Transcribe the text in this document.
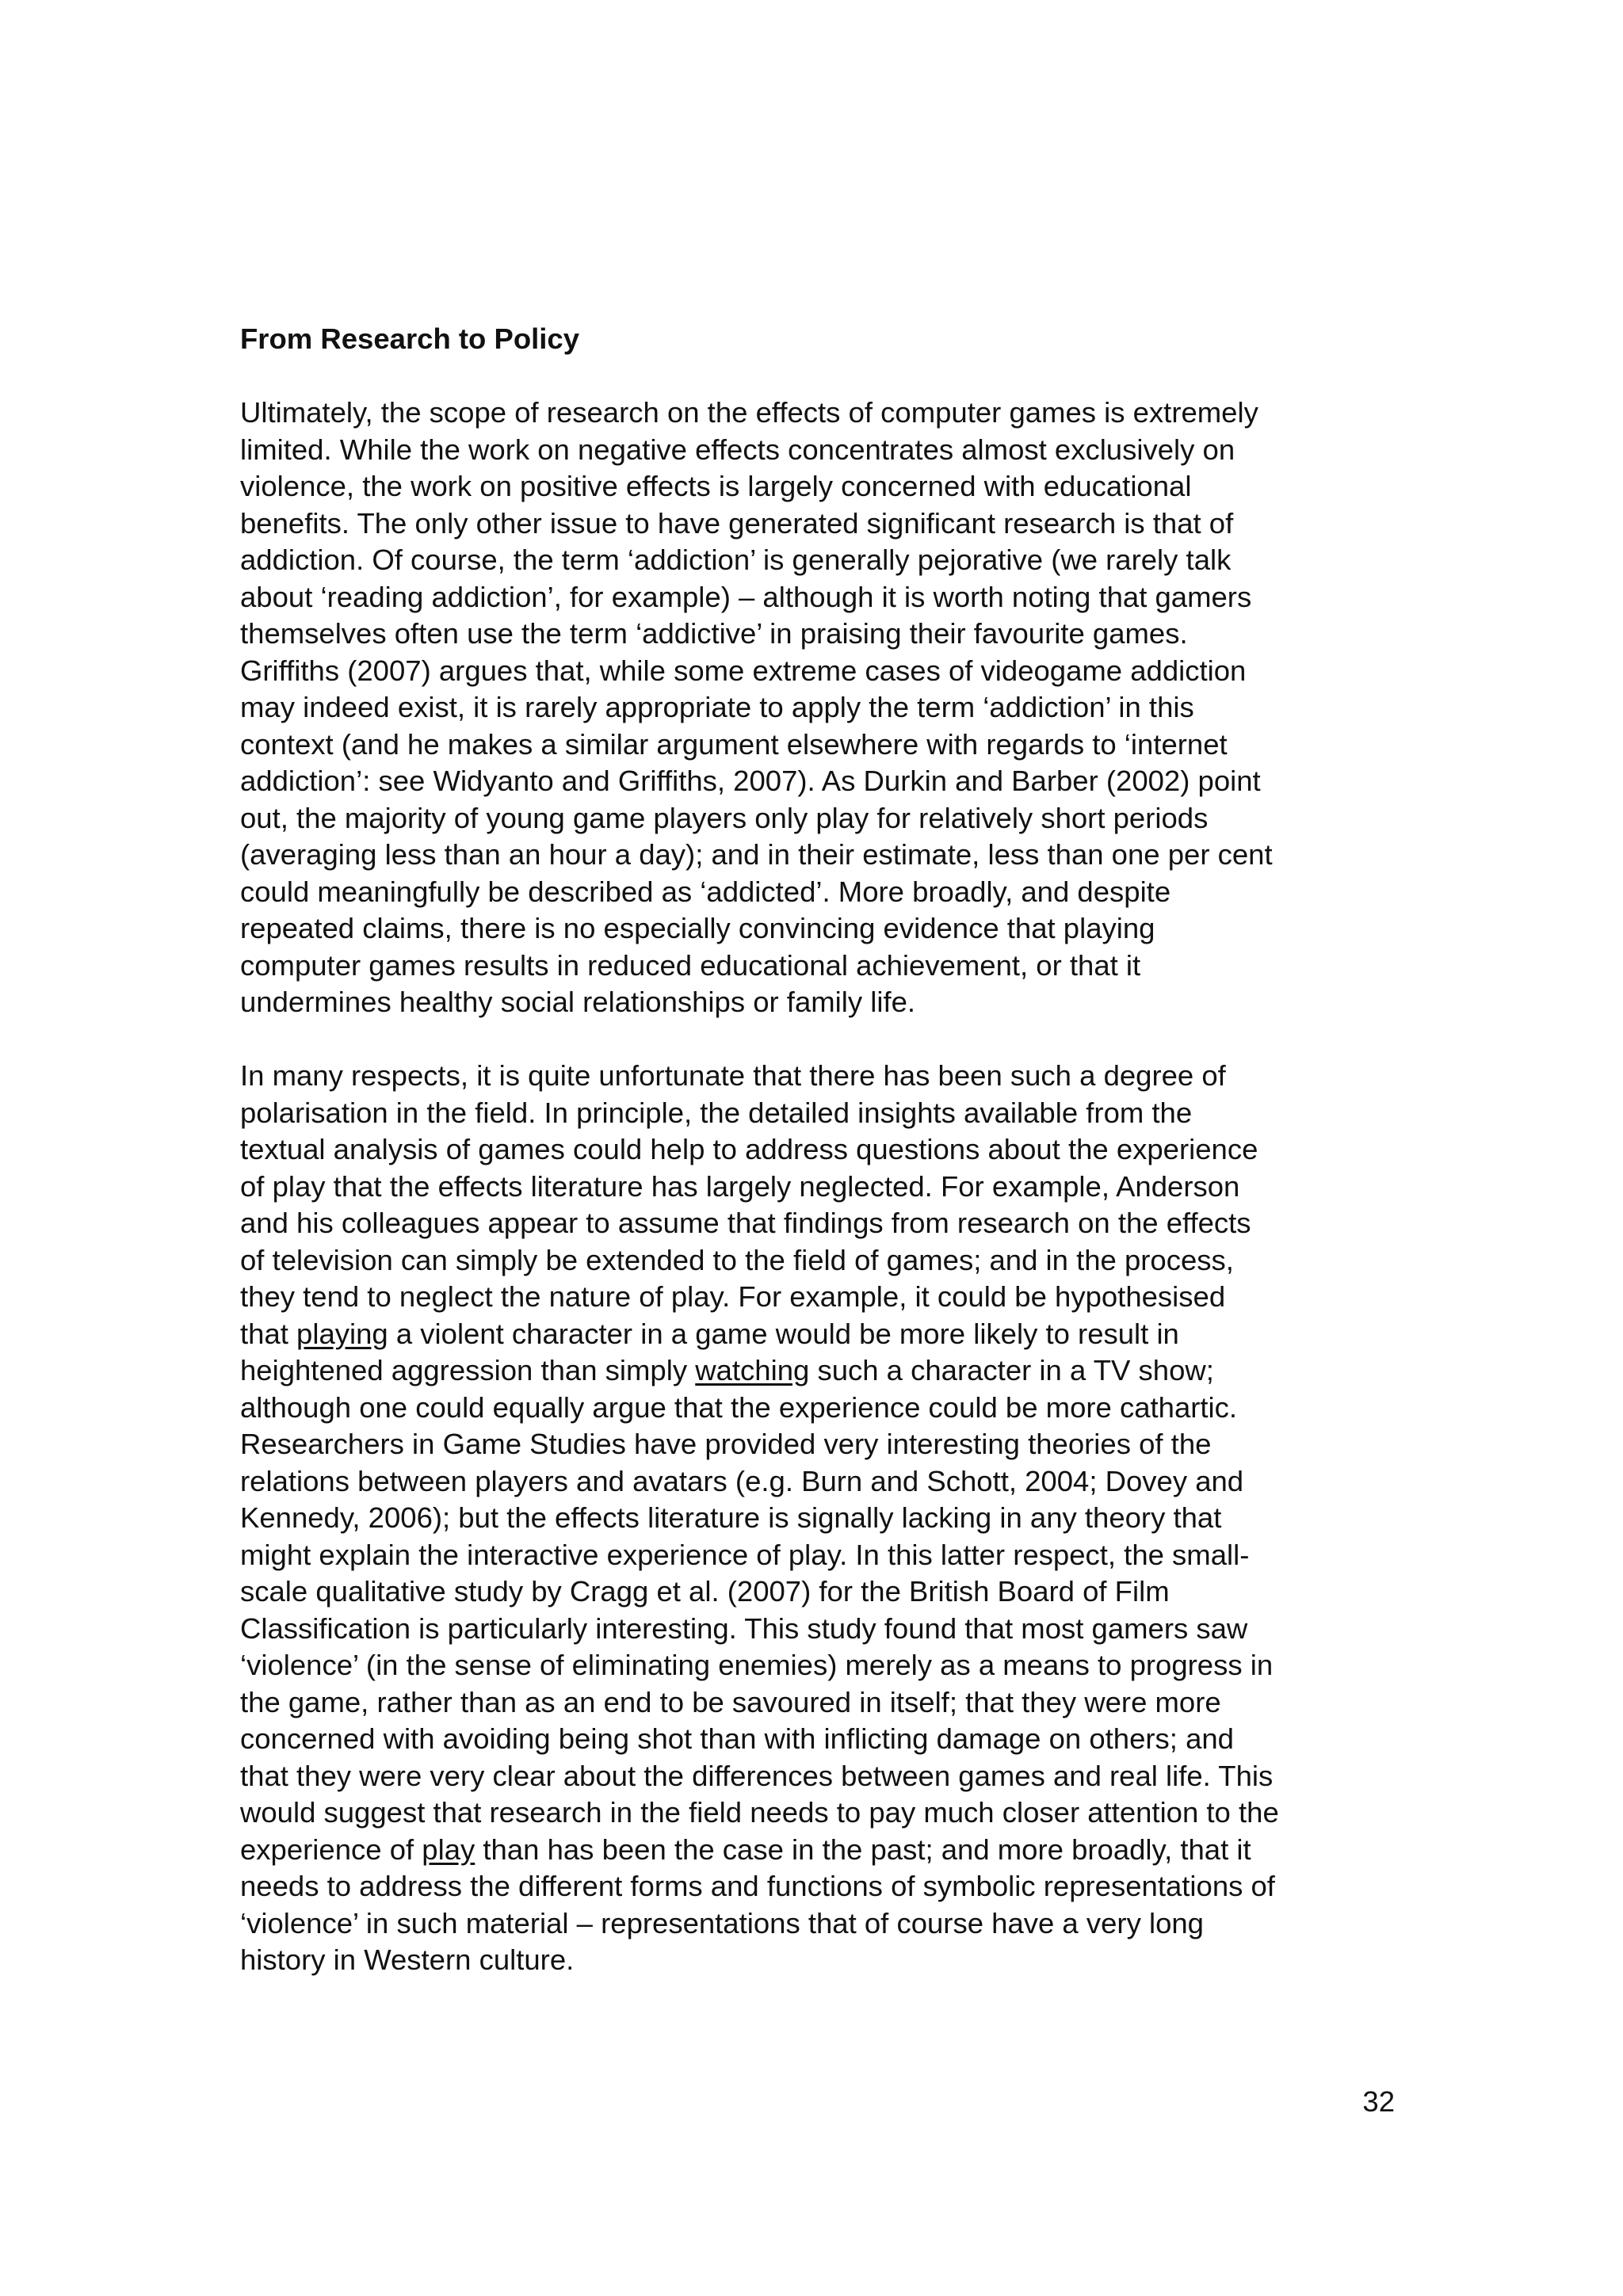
From Research to Policy
Ultimately, the scope of research on the effects of computer games is extremely
limited. While the work on negative effects concentrates almost exclusively on
violence, the work on positive effects is largely concerned with educational
benefits. The only other issue to have generated significant research is that of
addiction. Of course, the term ‘addiction’ is generally pejorative (we rarely talk
about ‘reading addiction’, for example) – although it is worth noting that gamers
themselves often use the term ‘addictive’ in praising their favourite games.
Griffiths (2007) argues that, while some extreme cases of videogame addiction
may indeed exist, it is rarely appropriate to apply the term ‘addiction’ in this
context (and he makes a similar argument elsewhere with regards to ‘internet
addiction’: see Widyanto and Griffiths, 2007). As Durkin and Barber (2002) point
out, the majority of young game players only play for relatively short periods
(averaging less than an hour a day); and in their estimate, less than one per cent
could meaningfully be described as ‘addicted’. More broadly, and despite
repeated claims, there is no especially convincing evidence that playing
computer games results in reduced educational achievement, or that it
undermines healthy social relationships or family life.
In many respects, it is quite unfortunate that there has been such a degree of
polarisation in the field. In principle, the detailed insights available from the
textual analysis of games could help to address questions about the experience
of play that the effects literature has largely neglected. For example, Anderson
and his colleagues appear to assume that findings from research on the effects
of television can simply be extended to the field of games; and in the process,
they tend to neglect the nature of play. For example, it could be hypothesised
that playing a violent character in a game would be more likely to result in
heightened aggression than simply watching such a character in a TV show;
although one could equally argue that the experience could be more cathartic.
Researchers in Game Studies have provided very interesting theories of the
relations between players and avatars (e.g. Burn and Schott, 2004; Dovey and
Kennedy, 2006); but the effects literature is signally lacking in any theory that
might explain the interactive experience of play. In this latter respect, the small-
scale qualitative study by Cragg et al. (2007) for the British Board of Film
Classification is particularly interesting. This study found that most gamers saw
‘violence’ (in the sense of eliminating enemies) merely as a means to progress in
the game, rather than as an end to be savoured in itself; that they were more
concerned with avoiding being shot than with inflicting damage on others; and
that they were very clear about the differences between games and real life. This
would suggest that research in the field needs to pay much closer attention to the
experience of play than has been the case in the past; and more broadly, that it
needs to address the different forms and functions of symbolic representations of
‘violence’ in such material – representations that of course have a very long
history in Western culture.
32
